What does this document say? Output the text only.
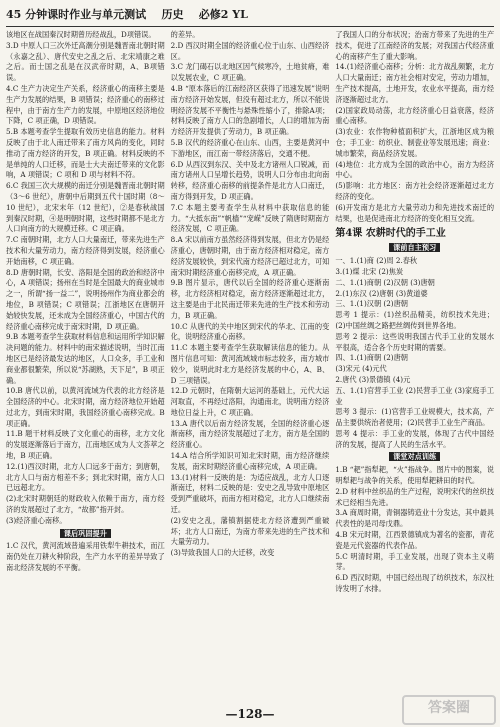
45 分钟课时作业与单元测试 历史 必修2 YL
该地区在战国秦汉时期曾历经战乱，D项错误。
3.D 中原人口三次外迁高潮分别是魏晋南北朝时期（永嘉之乱）、唐代安史之乱之后、北宋靖康之难之后。而士国之乱是在汉武帝时期，A、B项错误。
4.C 生产力决定生产关系，经济重心的南移主要是生产力发展的结果，B 项错误；经济重心的南移过程中，由于南方生产力的发展，中原地区经济地位下降，C 项正确，D 项错误。
5.B 本题考查学生提取有效历史信息的能力。材料反映了由于北人南迁带来了南方风尚的变化，同时推动了南方经济的开发，B 项正确。材料反映的不是单纯的人口迁移，而是士大夫南迁带来的文化影响，A 项错误；C 项和 D 项与材料不符。
6.C 我国三次大规模的南迁分别是魏晋南北朝时期（3～6 世纪），唐朝中后期到五代十国时期（8～10 世纪），北宋末年（12 世纪），②是春秋战国到秦汉时期，④是明朝时期，这些时期都不是北方人口向南方的大规模迁移。C 项正确。
7.C 南朝时期，北方人口大量南迁，带来先进生产技术和大量劳动力，南方经济得到发展，经济重心开始南移，C 项正确。
8.D 唐朝时期，长安、洛阳是全国的政治和经济中心，A 项错误；扬州在当时是全国最大的商业城市之一，所谓“扬一益二”，说明扬州作为商业都会的地位，B 项错误；C 项错误；江浙地区在唐朝开始较快发展，还未成为全国经济重心，中国古代的经济重心南移完成于南宋时期，D 项正确。
9.B 本题考查学生获取材料信息和运用所学知识解决问题的能力。材料中的南宋描述说明，当时江南地区已是经济最发达的地区，人口众多，手工业和商业都很繁荣，所以说“苏湖熟，天下足”，B 项正确。
10.B 唐代以前，以黄河流域为代表的北方经济是全国经济的中心。北宋时期，南方经济地位开始超过北方，到南宋时期，我国经济重心南移完成。B 项正确。
11.B 题干材料反映了文化重心的南移，北方文化的发展逐渐落后于南方，江南地区成为人文荟萃之地，B 项正确。
12.(1)西汉时期，北方人口远多于南方；到唐朝，北方人口与南方相差不多；到北宋时期，南方人口已远超北方。
(2)北宋时期朝廷的财政收入依赖于南方，南方经济的发展超过了北方，“故都”指开封。
(3)经济重心南移。
课后巩固提升
1.C 汉代，黄河流域普遍采用铁犁牛耕技术，而江南仍处在刀耕火种阶段，生产力水平的差异导致了南北经济发展的不平衡。
的差异。
2.D 西汉时期全国的经济重心位于山东、山西经济区。
3.C 龙门碣石以北地区因气候寒冷，土地贫瘠，难以发展农业，C 项正确。
4.B “原本落后的江南经济区获得了迅速发展”说明南方经济开始发展，但没有超过北方，所以不能说明经济发展不平衡性与悬殊性缩小了，排除A项；材料反映了南方人口的急剧增长，人口的增加为南方经济开发提供了劳动力，B 项正确。
5.B 汉代的经济重心在山东、山西，主要是黄河中下游地区，而江南一带经济落后，交通不便。
6.D 从西汉到东汉、关中及北方诸州人口锐减，而南方诸州人口呈增长趋势，说明人口分布由北向南转移，经济重心南移的前提条件是北方人口南迁，南方得到开发，D 项正确。
7.C 本题主要考查学生从材料中获取信息的能力。“大抵东南”“帆樯”“宠嵘”反映了隋唐时期南方经济发展，C 项正确。
8.A 宋以前南方虽然经济得到发展，但北方仍是经济重心，唐朝时期，由于南方经济相对稳定，南方经济发展较快，到宋代南方经济已超过北方，可知南宋时期经济重心南移完成，A 项正确。
9.B 图片显示，唐代以后全国的经济重心逐渐南移，北方经济相对稳定，南方经济逐渐超过北方，这主要是由于北民南迁带来先进的生产技术和劳动力，B 项正确。
10.C 从唐代的关中地区到宋代的华北、江南的变化，说明经济重心南移。
11.C 本题主要考查学生获取解读信息的能力。从图片信息可知：黄河流域城市标志较多，南方城市较少，说明此时北方是经济发展的中心，A、B、D 三项错误。
12.D 元朝时，在隋朝大运河的基础上，元代大运河取直，不再经过洛阳，沟通南北，说明南方经济地位日益上升，C 项正确。
13.A 唐代以后南方经济发展，全国的经济重心逐渐南移，南方经济发展超过了北方，南方是全国的经济重心。
14.A 结合所学知识可知北宋时期，南方经济继续发展，南宋时期经济重心南移完成，A 项正确。
13.(1)材料一反映的是：为适应战乱，北方人口逐渐南迁，材料二反映的是：安史之乱导致中原地区受到严重破坏，而南方相对稳定，北方人口继续南迁。
(2)安史之乱，藩镇割据使北方经济遭到严重破坏；北方人口南迁，为南方带来先进的生产技术和大量劳动力。
(3)导致我国人口的大迁移，改变
了我国人口的分布状况；治南方带来了先进的生产技术，促进了江南经济的发展；对我国古代经济重心的南移产生了重大影响。
14.(1)经济重心南移；分析：北方战乱频繁，北方人口大量南迁；南方社会相对安定，劳动力增加，生产技术提高，土地开发，农业水平提高，南方经济逐渐超过北方。
(2)国家政局动荡，北方经济重心日益衰落，经济重心南移。
(3)农业：农作物种植面积扩大，江浙地区成为粮仓；手工业：纺织业、制瓷业等发展迅速；商业：城市繁荣，商品经济发展。
(4)地位：北方成为全国的政治中心，南方为经济中心。
(5)影响：北方地区：南方社会经济逐渐超过北方经济的变化。
(6)开发南方是北方大量劳动力和先进技术南迁的结果，也是促进南北方经济的变化相互交流。
第4课 农耕时代的手工业
课前自主预习
一、1.(1)商 (2)周 2.春秋
3.(1)煤 北宋 (2)焦炭
二、1.(1)商朝 (2)汉朝 (3)唐朝
2.(1)东汉 (2)唐朝 (3)黄道婆
三、1.(1)汉朝 (2)唐朝
思考 1 提示：(1)丝织品精美，纺织技术先进；(2)中国丝绸之路把丝绸传到世界各地。
思考 2 提示：这些说明我国古代手工业的发展水平很高，适合各个历史时期的需要。
四、1.(1)商朝 (2)唐朝
(3)宋元 (4)元代
2.唐代 (3)景德镇 (4)元
五、1.(1)官营手工业 (2)民营手工业 (3)家庭手工业
思考 3 提示：(1)官营手工业规模大，技术高，产品主要供统治者使用；(2)民营手工业生产商品。
思考 4 提示：手工业的发展，体现了古代中国经济的发展，提高了人民的生活水平。
课堂对点训练
1.B “耙”指犁耙，“火”指战争。图片中的图案，说明犁耙与战争的关系，使用犁耙耕田的时代。
2.D 材料中丝织品的生产过程，说明宋代的丝织技术已经相当先进。
3.A 商周时期，青铜器铸造业十分发达，其中最具代表性的是司母戊鼎。
4.B 宋元时期，江西景德镇成为著名的瓷都，青花瓷是元代瓷器的代表作品。
5.C 明清时期，手工业发展，出现了资本主义萌芽。
6.D 西汉时期，中国已经出现了纺织技术，东汉杜诗发明了水排。
—128—	答案圈
